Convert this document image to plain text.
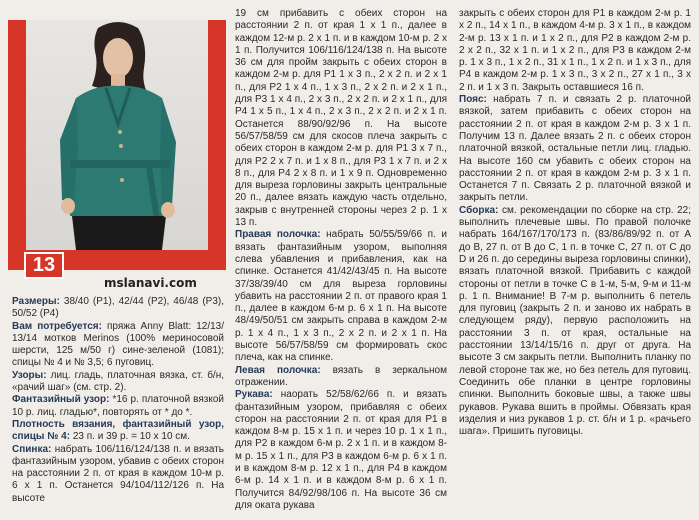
13
mslanavi.com

Размеры: 38/40 (P1), 42/44 (P2), 46/48 (P3), 50/52 (P4)

Вам потребуется: пряжа Anny Blatt: 12/13/ 13/14 мотков Merinos (100% мериносовой шерсти, 125 м/50 г) сине-зеленой (1081); спицы № 4 и № 3,5; 6 пуговиц.

Узоры: лиц. гладь, платочная вязка, ст. б/н, «рачий шаг» (см. стр. 2).

Фантазийный узор: *16 р. платочной вязкой 10 р. лиц. гладью*, повторять от * до *.

Плотность вязания, фантазийный узор, спицы № 4: 23 п. и 39 р. = 10 х 10 см.

Спинка: набрать 106/116/124/138 п. и вязать фантазийным узором, убавив с обеих сторон на расстоянии 2 п. от края в каждом 10-м р. 6 х 1 п. Останется 94/104/112/126 п. На высоте

19 см прибавить с обеих сторон на расстоянии 2 п. от края 1 х 1 п., далее в каждом 12-м р. 2 х 1 п. и в каждом 10-м р. 2 х 1 п. Получится 106/116/124/138 п. На высоте 36 см для пройм закрыть с обеих сторон в каждом 2-м р. для Р1 1 х 3 п., 2 х 2 п. и 2 х 1 п., для Р2 1 х 4 п., 1 х 3 п., 2 х 2 п. и 2 х 1 п., для Р3 1 х 4 п., 2 х 3 п., 2 х 2 п. и 2 х 1 п., для Р4 1 х 5 п., 1 х 4 п., 2 х 3 п., 2 х 2 п. и 2 х 1 п. Останется 88/90/92/96 п. На высоте 56/57/58/59 см для скосов плеча закрыть с обеих сторон в каждом 2-м р. для Р1 3 х 7 п., для Р2 2 х 7 п. и 1 х 8 п., для Р3 1 х 7 п. и 2 х 8 п., для Р4 2 х 8 п. и 1 х 9 п. Одновременно для выреза горловины закрыть центральные 20 п., далее вязать каждую часть отдельно, закрыв с внутренней стороны через 2 р. 1 х 13 п.

Правая полочка: набрать 50/55/59/66 п. и вязать фантазийным узором, выполняя слева убавления и прибавления, как на спинке. Останется 41/42/43/45 п. На высоте 37/38/39/40 см для выреза горловины убавить на расстоянии 2 п. от правого края 1 п., далее в каждом 6-м р. 6 х 1 п. На высоте 48/49/50/51 см закрыть справа в каждом 2-м р. 1 х 4 п., 1 х 3 п., 2 х 2 п. и 2 х 1 п. На высоте 56/57/58/59 см формировать скос плеча, как на спинке.

Левая полочка: вязать в зеркальном отражении.

Рукава: наорать 52/58/62/66 п. и вязать фантазийным узором, прибавляя с обеих сторон на расстоянии 2 п. от края для Р1 в каждом 8-м р. 15 х 1 п. и через 10 р. 1 х 1 п., для Р2 в каждом 6-м р. 2 х 1 п. и в каждом 8-м р. 15 х 1 п., для Р3 в каждом 6-м р. 6 х 1 п. и в каждом 8-м р. 12 х 1 п., для Р4 в каждом 6-м р. 14 х 1 п. и в каждом 8-м р. 6 х 1 п. Получится 84/92/98/106 п. На высоте 36 см для оката рукава

закрыть с обеих сторон для Р1 в каждом 2-м р. 1 х 2 п., 14 х 1 п., в каждом 4-м р. 3 х 1 п., в каждом 2-м р. 13 х 1 п. и 1 х 2 п., для Р2 в каждом 2-м р. 2 х 2 п., 32 х 1 п. и 1 х 2 п., для Р3 в каждом 2-м р. 1 х 3 п., 1 х 2 п., 31 х 1 п., 1 х 2 п. и 1 х 3 п., для Р4 в каждом 2-м р. 1 х 3 п., 3 х 2 п., 27 х 1 п., 3 х 2 п. и 1 х 3 п. Закрыть оставшиеся 16 п.

Пояс: набрать 7 п. и связать 2 р. платочной вязкой, затем прибавить с обеих сторон на расстоянии 2 п. от края в каждом 2-м р. 3 х 1 п. Получим 13 п. Далее вязать 2 п. с обеих сторон платочной вязкой, остальные петли лиц. гладью. На высоте 160 см убавить с обеих сторон на расстоянии 2 п. от края в каждом 2-м р. 3 х 1 п. Останется 7 п. Связать 2 р. платочной вязкой и закрыть петли.

Сборка: см. рекомендации по сборке на стр. 22; выполнить плечевые швы. По правой полочке набрать 164/167/170/173 п. (83/86/89/92 п. от А до В, 27 п. от В до С, 1 п. в точке С, 27 п. от С до D и 26 п. до середины выреза горловины спинки), вязать платочной вязкой. Прибавить с каждой стороны от петли в точке С в 1-м, 5-м, 9-м и 11-м р. 1 п. Внимание! В 7-м р. выполнить 6 петель для пуговиц (закрыть 2 п. и заново их набрать в следующем ряду), первую расположить на расстоянии 3 п. от края, остальные на расстоянии 13/14/15/16 п. друг от друга. На высоте 3 см закрыть петли. Выполнить планку по левой стороне так же, но без петель для пуговиц. Соединить обе планки в центре горловины спинки. Выполнить боковые швы, а также швы рукавов. Рукава вшить в проймы. Обвязать края изделия и низ рукавов 1 р. ст. б/н и 1 р. «рачьего шага». Пришить пуговицы.
